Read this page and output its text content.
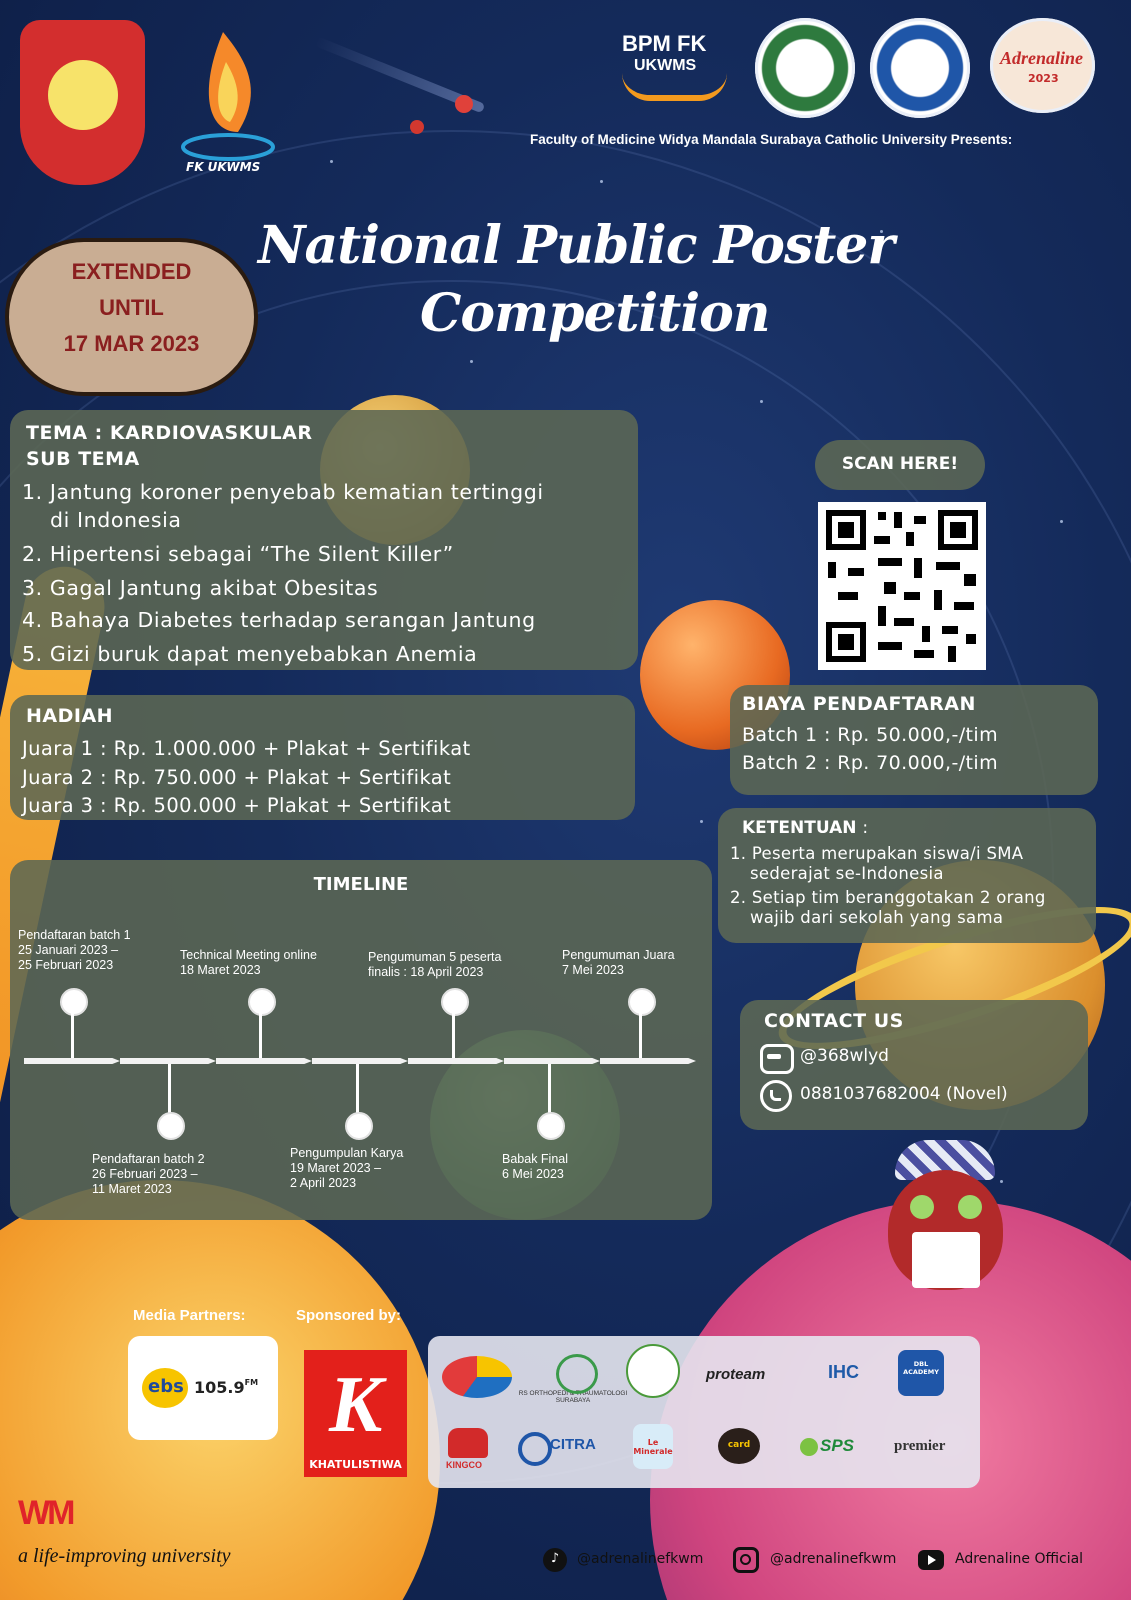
FK UKWMS
BPM FK
UKWMS	Adrenaline
2023
Faculty of Medicine Widya Mandala Surabaya Catholic University Presents:
National Public Poster
Competition
EXTENDED
UNTIL
17 MAR 2023
TEMA : KARDIOVASKULAR
SUB TEMA
1. Jantung koroner penyebab kematian tertinggi
di Indonesia
2. Hipertensi sebagai “The Silent Killer”
3. Gagal Jantung akibat Obesitas
4. Bahaya Diabetes terhadap serangan Jantung
5. Gizi buruk dapat menyebabkan Anemia
SCAN HERE!
HADIAH
Juara 1 : Rp. 1.000.000 + Plakat + Sertifikat
Juara 2 : Rp. 750.000 + Plakat + Sertifikat
Juara 3 : Rp. 500.000 + Plakat + Sertifikat
BIAYA PENDAFTARAN
Batch 1 : Rp. 50.000,-/tim
Batch 2 : Rp. 70.000,-/tim
KETENTUAN :
1. Peserta merupakan siswa/i SMA
sederajat se-Indonesia
2. Setiap tim beranggotakan 2 orang
wajib dari sekolah yang sama
TIMELINE
Pendaftaran batch 1
25 Januari 2023 –
25 Februari 2023
Pendaftaran batch 2
26 Februari 2023 –
11 Maret 2023
Technical Meeting online
18 Maret 2023
Pengumpulan Karya
19 Maret 2023 –
2 April 2023
Pengumuman 5 peserta
finalis : 18 April 2023
Babak Final
6 Mei 2023
Pengumuman Juara
7 Mei 2023
CONTACT US
@368wlyd
0881037682004 (Novel)
Media Partners:	Sponsored by:
ebs $105.9^{FM}$ K
KHATULISTIWA
RS ORTHOPEDI & TRAUMATOLOGI SURABAYA
proteam	IHC	DBL ACADEMY
KINGCO
CITRA	Le Minerale
card	SPS	premier
WM
a life-improving university	♪	@adrenalinefkwm	@adrenalinefkwm	Adrenaline Official
